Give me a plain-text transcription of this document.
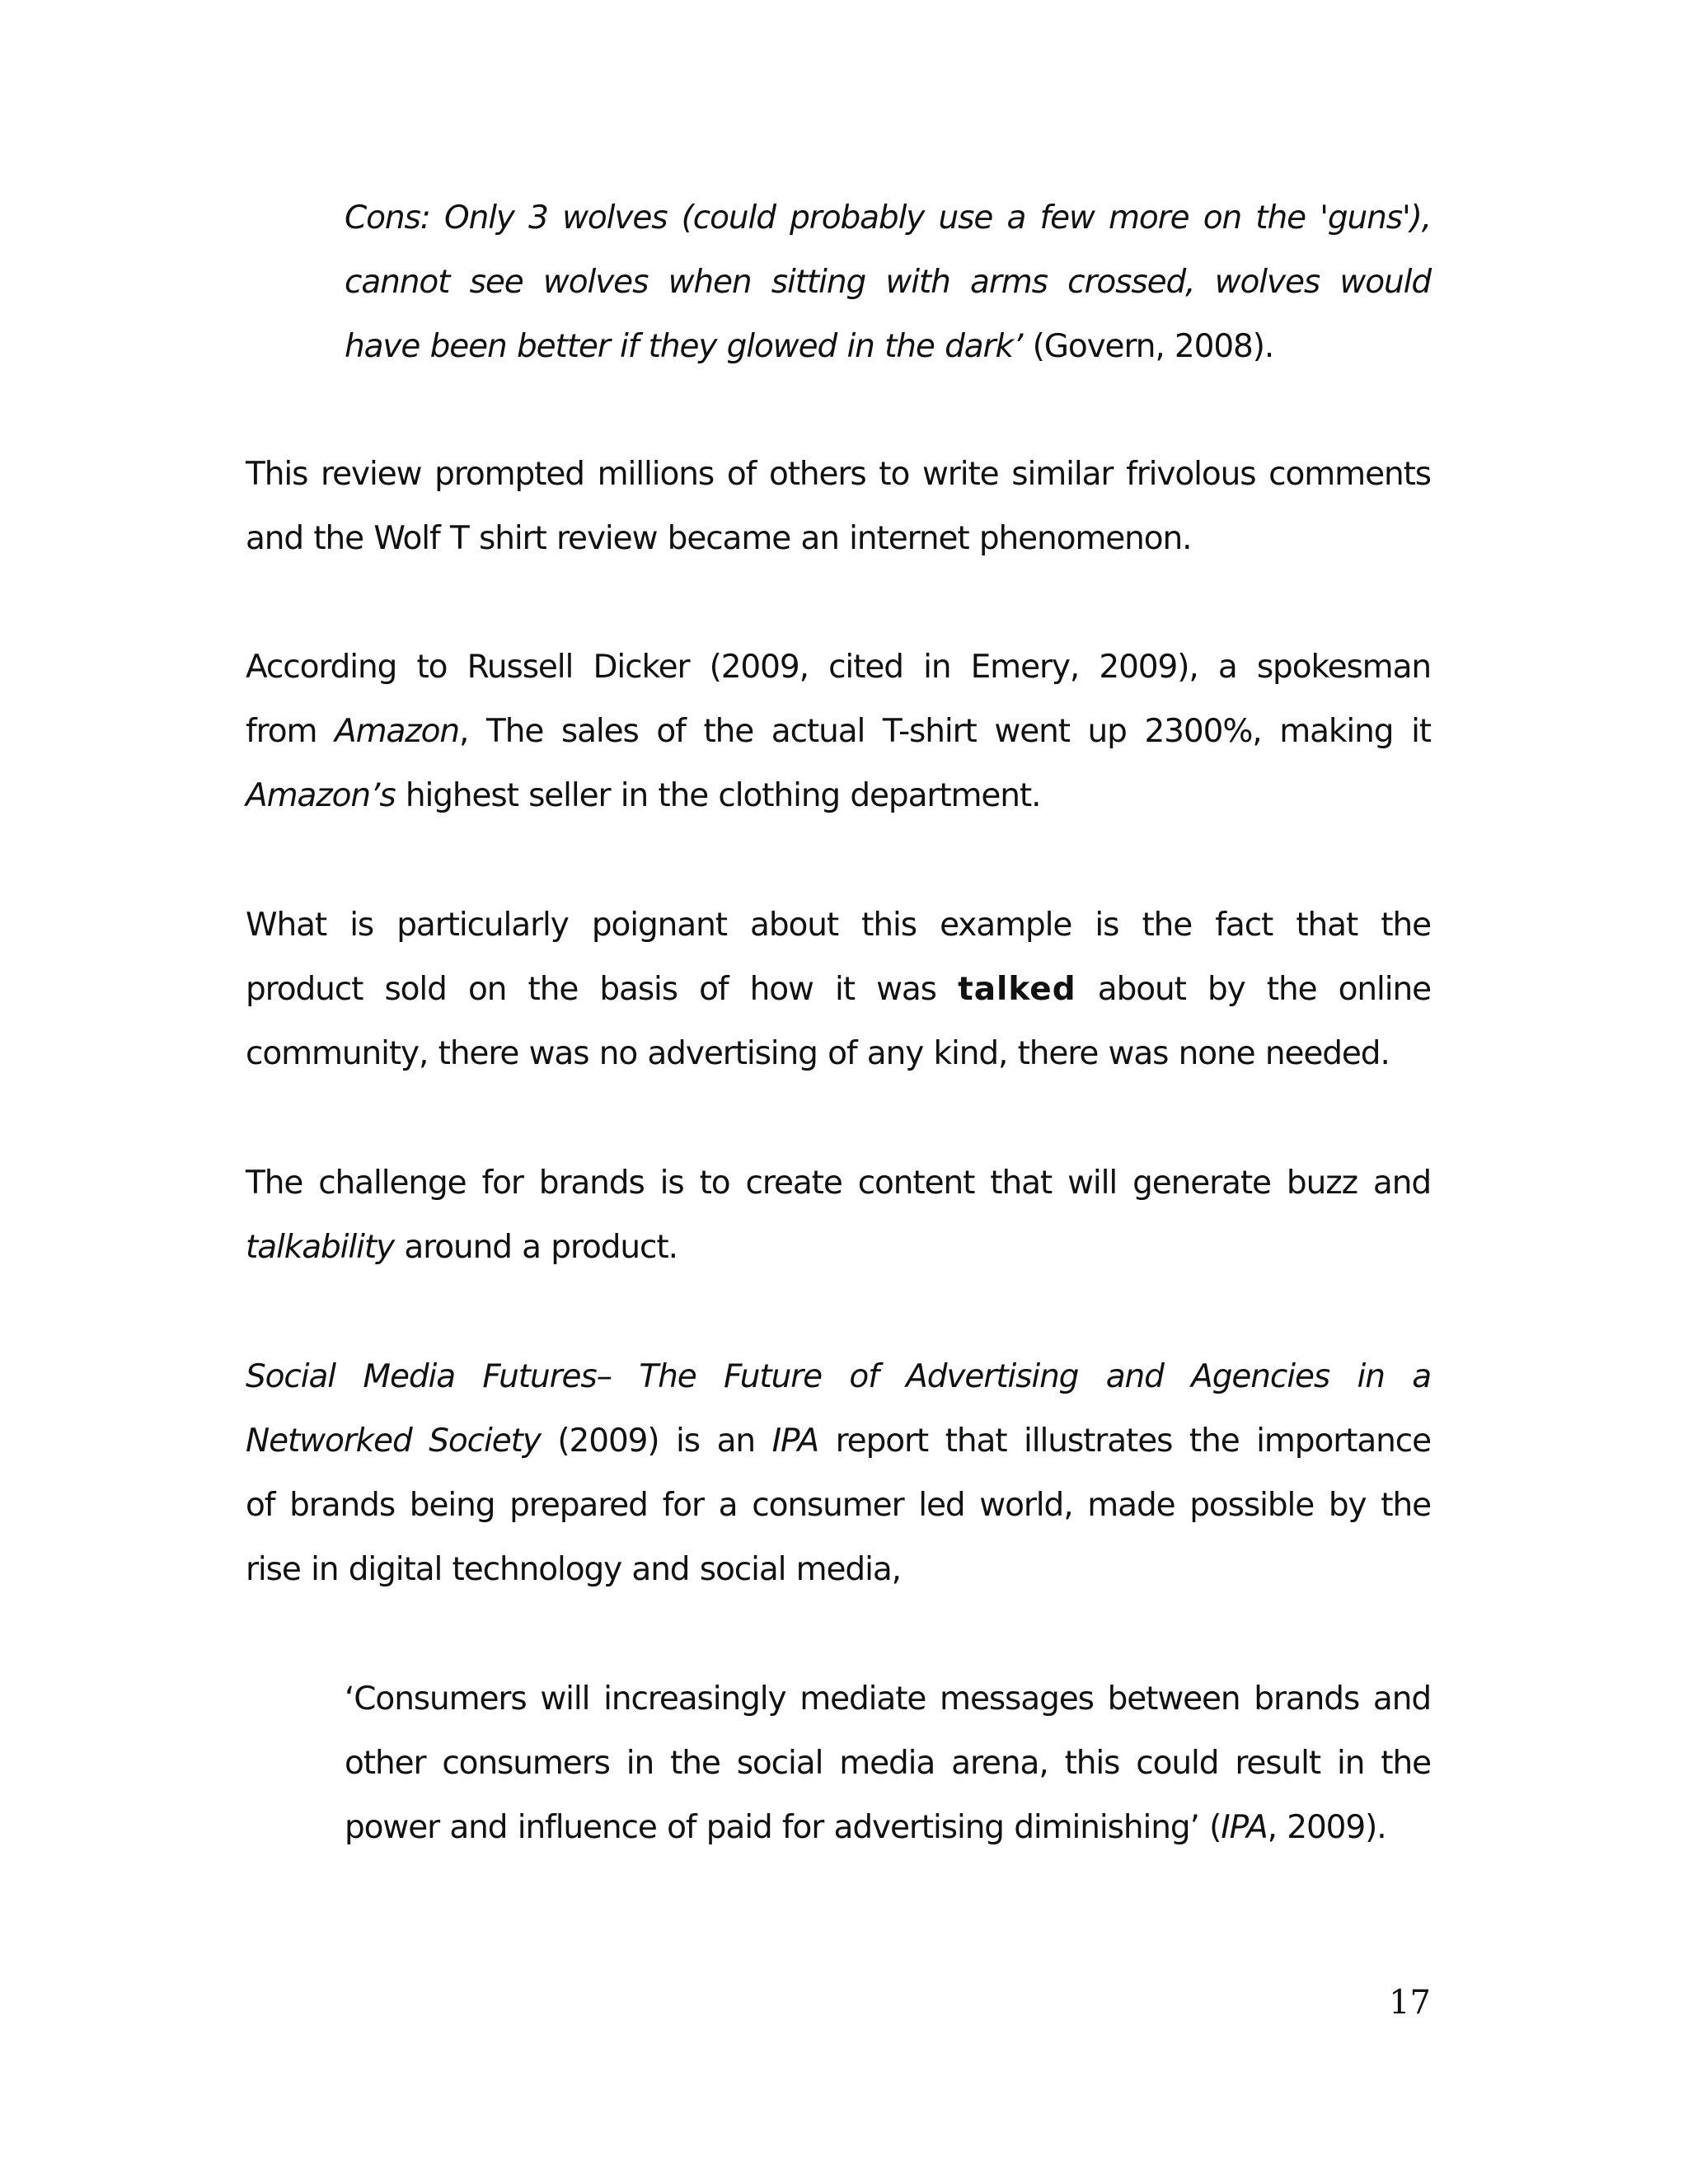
Cons: Only 3 wolves (could probably use a few more on the 'guns'),
cannot see wolves when sitting with arms crossed, wolves would
have been better if they glowed in the dark’ (Govern, 2008).
This review prompted millions of others to write similar frivolous comments
and the Wolf T shirt review became an internet phenomenon.
According to Russell Dicker (2009, cited in Emery, 2009), a spokesman
from Amazon, The sales of the actual T-shirt went up 2300%, making it
Amazon’s highest seller in the clothing department.
What is particularly poignant about this example is the fact that the
product sold on the basis of how it was talked about by the online
community, there was no advertising of any kind, there was none needed.
The challenge for brands is to create content that will generate buzz and
talkability around a product.
Social Media Futures– The Future of Advertising and Agencies in a
Networked Society (2009) is an IPA report that illustrates the importance
of brands being prepared for a consumer led world, made possible by the
rise in digital technology and social media,
‘Consumers will increasingly mediate messages between brands and
other consumers in the social media arena, this could result in the
power and influence of paid for advertising diminishing’ (IPA, 2009).
17
